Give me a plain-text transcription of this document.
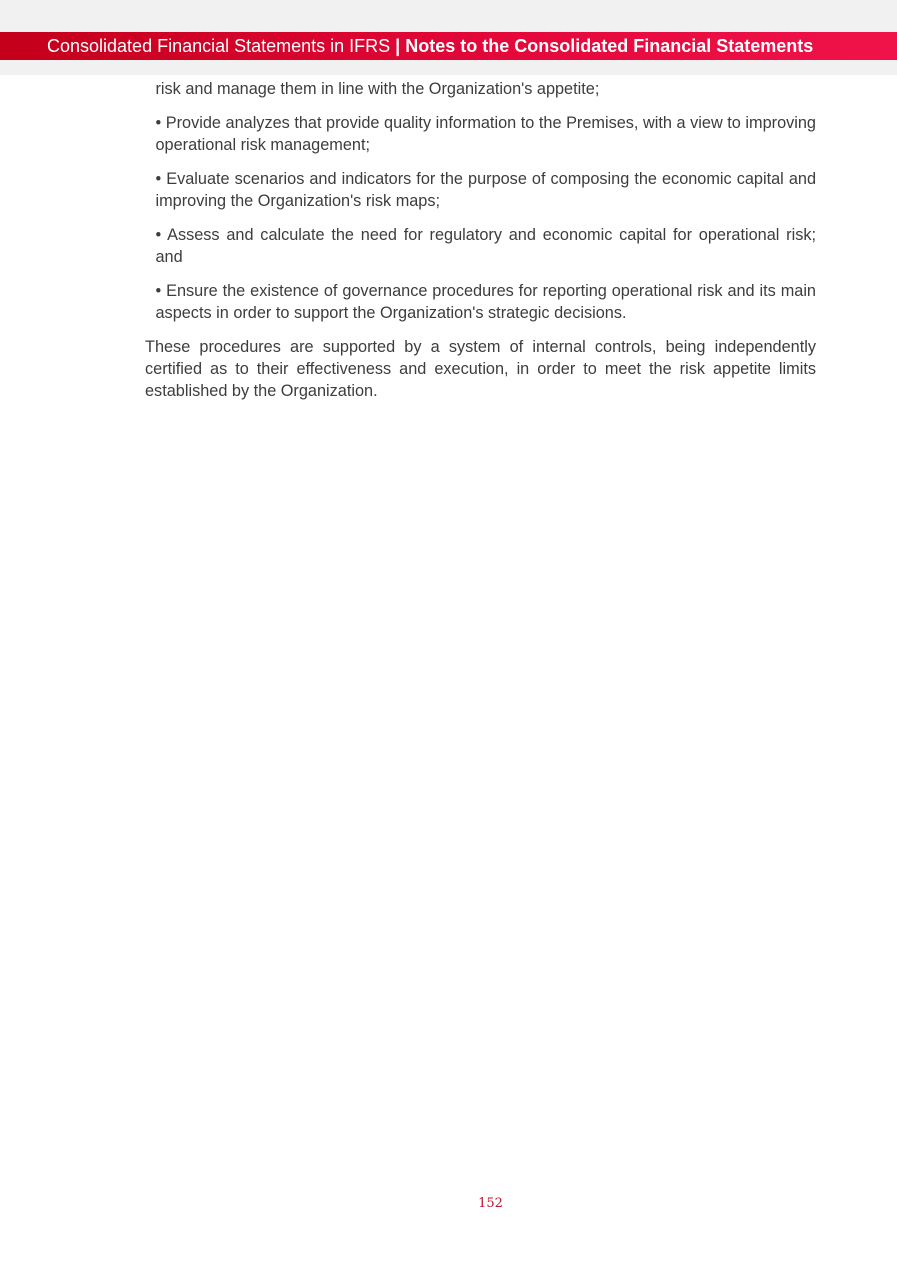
Consolidated Financial Statements in IFRS | Notes to the Consolidated Financial Statements

risk and manage them in line with the Organization's appetite;

• Provide analyzes that provide quality information to the Premises, with a view to improving operational risk management;

• Evaluate scenarios and indicators for the purpose of composing the economic capital and improving the Organization's risk maps;

• Assess and calculate the need for regulatory and economic capital for operational risk; and

• Ensure the existence of governance procedures for reporting operational risk and its main aspects in order to support the Organization's strategic decisions.

These procedures are supported by a system of internal controls, being independently certified as to their effectiveness and execution, in order to meet the risk appetite limits established by the Organization.

152
